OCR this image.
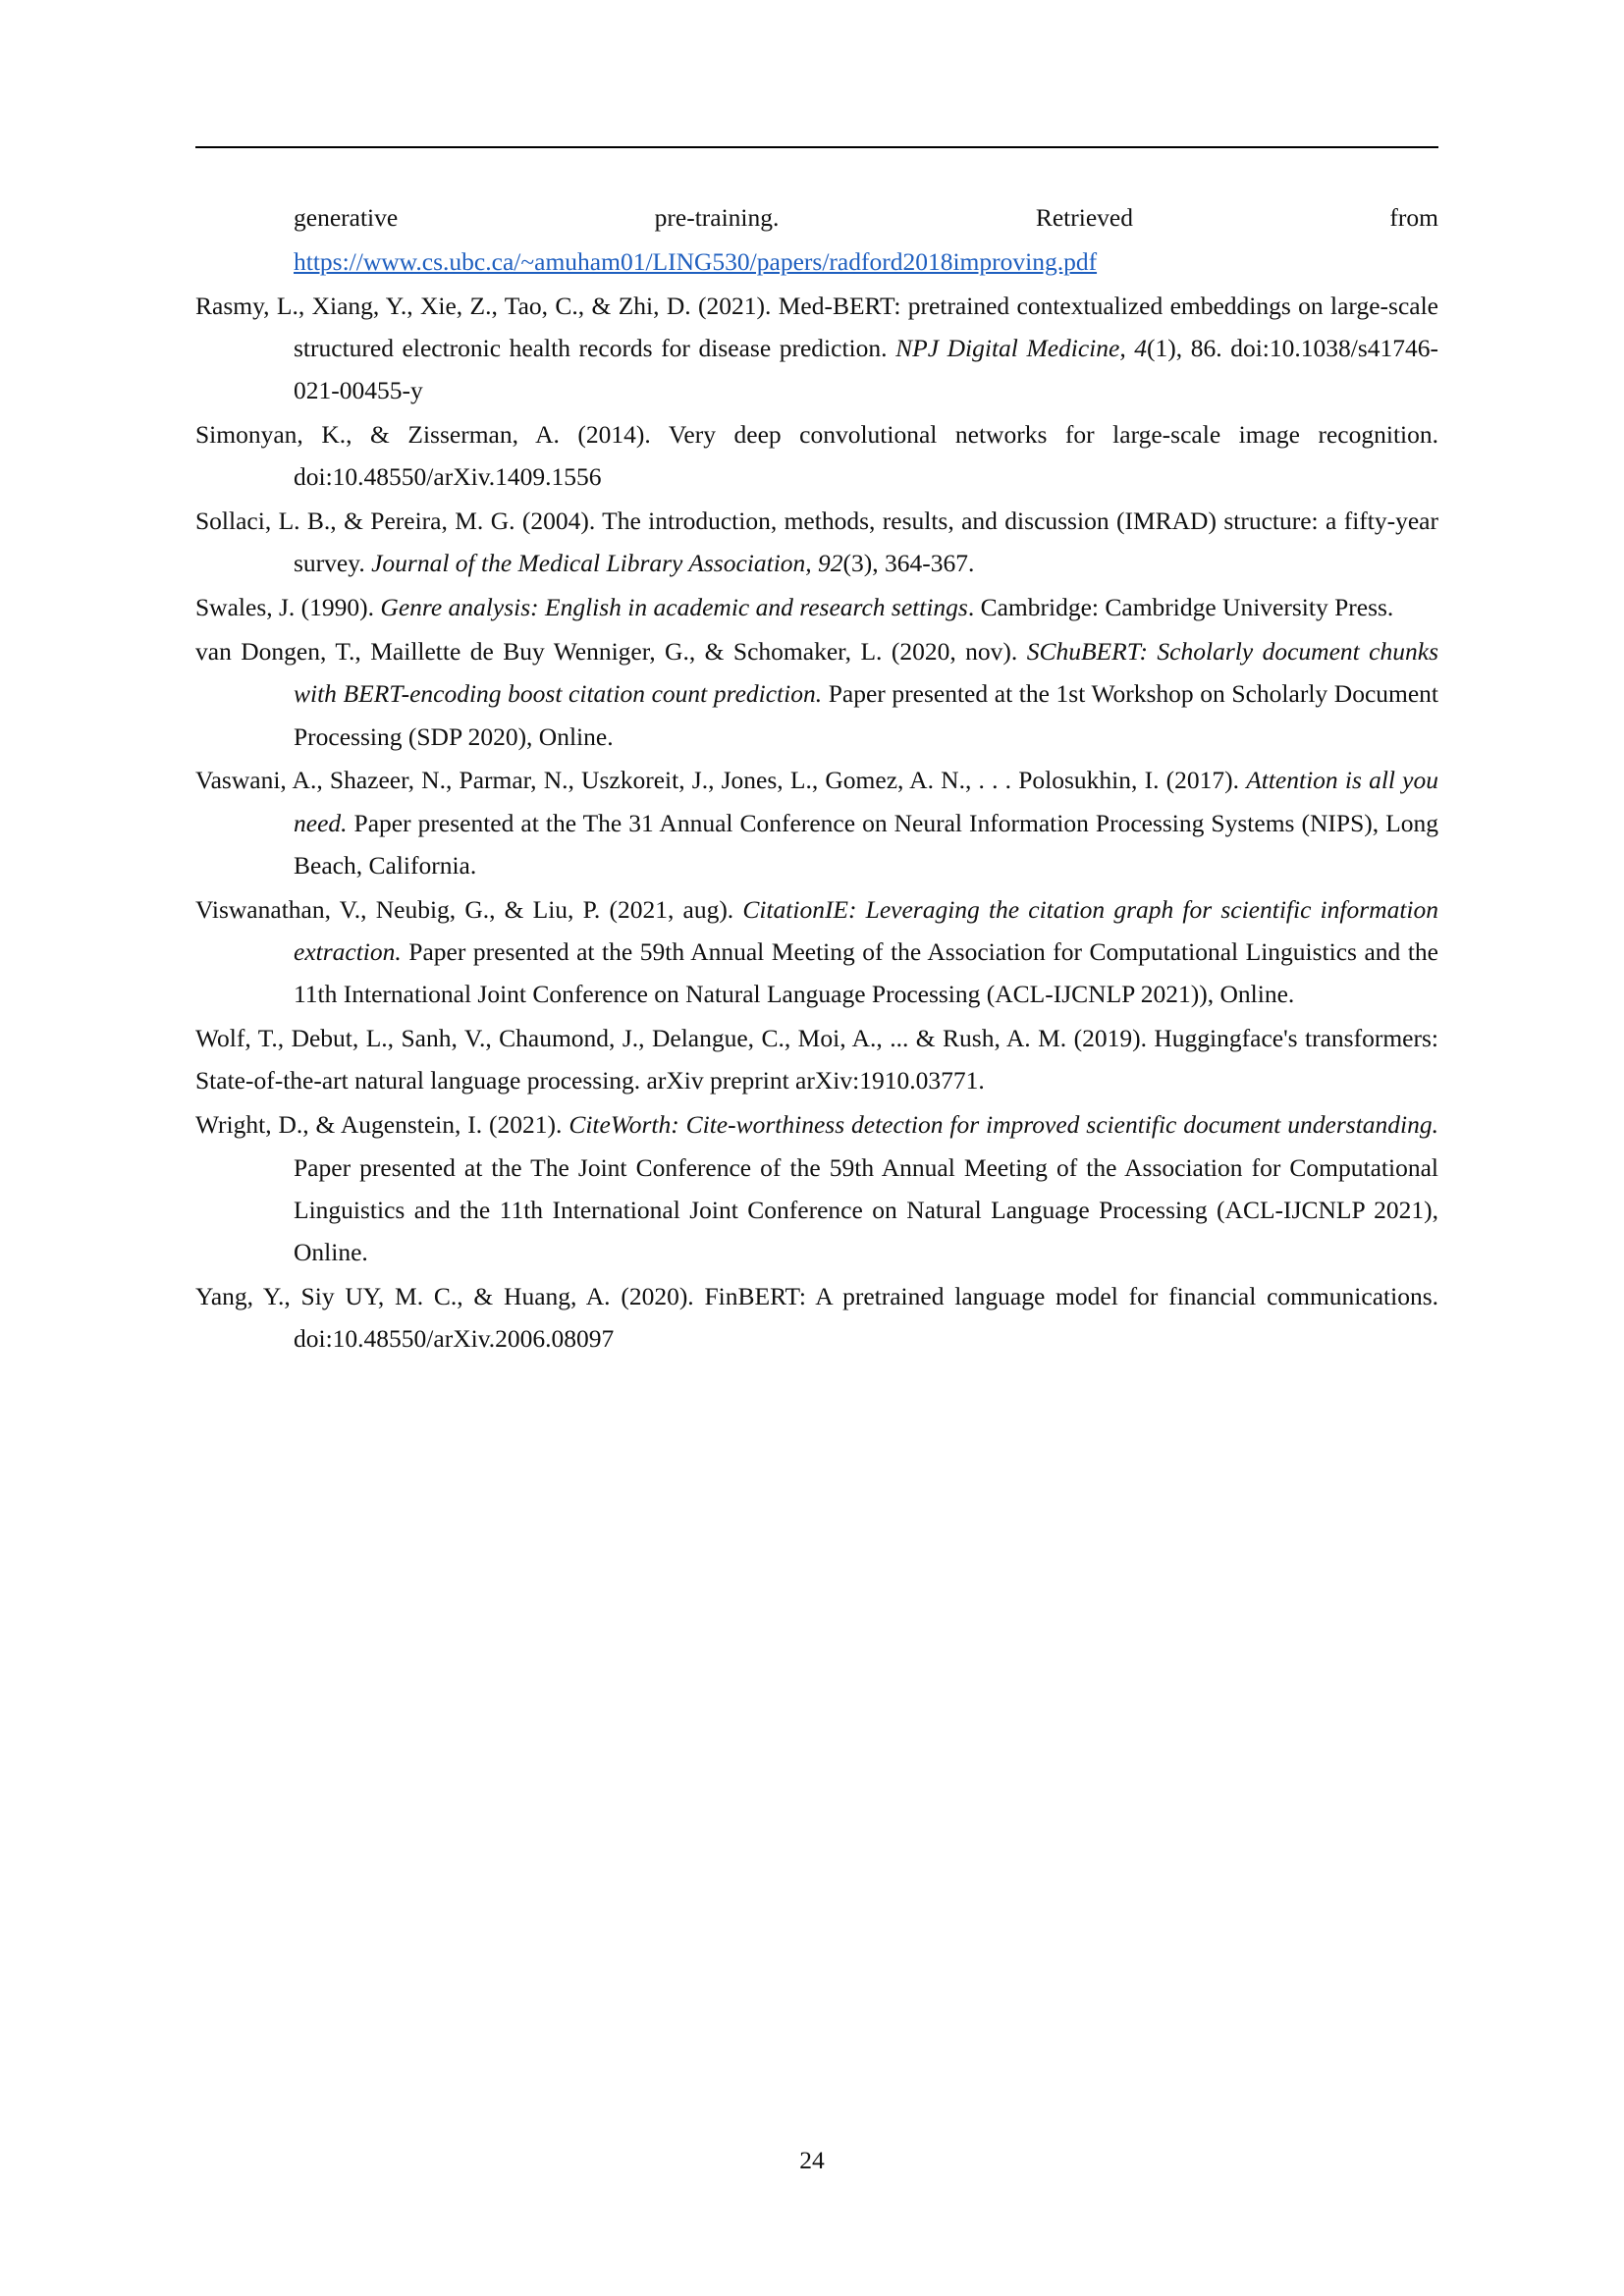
generative pre-training. Retrieved from

https://www.cs.ubc.ca/~amuham01/LING530/papers/radford2018improving.pdf

Rasmy, L., Xiang, Y., Xie, Z., Tao, C., & Zhi, D. (2021). Med-BERT: pretrained contextualized embeddings on large-scale structured electronic health records for disease prediction. NPJ Digital Medicine, 4(1), 86. doi:10.1038/s41746-021-00455-y

Simonyan, K., & Zisserman, A. (2014). Very deep convolutional networks for large-scale image recognition. doi:10.48550/arXiv.1409.1556

Sollaci, L. B., & Pereira, M. G. (2004). The introduction, methods, results, and discussion (IMRAD) structure: a fifty-year survey. Journal of the Medical Library Association, 92(3), 364-367.

Swales, J. (1990). Genre analysis: English in academic and research settings. Cambridge: Cambridge University Press.

van Dongen, T., Maillette de Buy Wenniger, G., & Schomaker, L. (2020, nov). SChuBERT: Scholarly document chunks with BERT-encoding boost citation count prediction. Paper presented at the 1st Workshop on Scholarly Document Processing (SDP 2020), Online.

Vaswani, A., Shazeer, N., Parmar, N., Uszkoreit, J., Jones, L., Gomez, A. N., . . . Polosukhin, I. (2017). Attention is all you need. Paper presented at the The 31 Annual Conference on Neural Information Processing Systems (NIPS), Long Beach, California.

Viswanathan, V., Neubig, G., & Liu, P. (2021, aug). CitationIE: Leveraging the citation graph for scientific information extraction. Paper presented at the 59th Annual Meeting of the Association for Computational Linguistics and the 11th International Joint Conference on Natural Language Processing (ACL-IJCNLP 2021)), Online.

Wolf, T., Debut, L., Sanh, V., Chaumond, J., Delangue, C., Moi, A., ... & Rush, A. M. (2019). Huggingface's transformers: State-of-the-art natural language processing. arXiv preprint arXiv:1910.03771.

Wright, D., & Augenstein, I. (2021). CiteWorth: Cite-worthiness detection for improved scientific document understanding. Paper presented at the The Joint Conference of the 59th Annual Meeting of the Association for Computational Linguistics and the 11th International Joint Conference on Natural Language Processing (ACL-IJCNLP 2021), Online.

Yang, Y., Siy UY, M. C., & Huang, A. (2020). FinBERT: A pretrained language model for financial communications. doi:10.48550/arXiv.2006.08097

24
